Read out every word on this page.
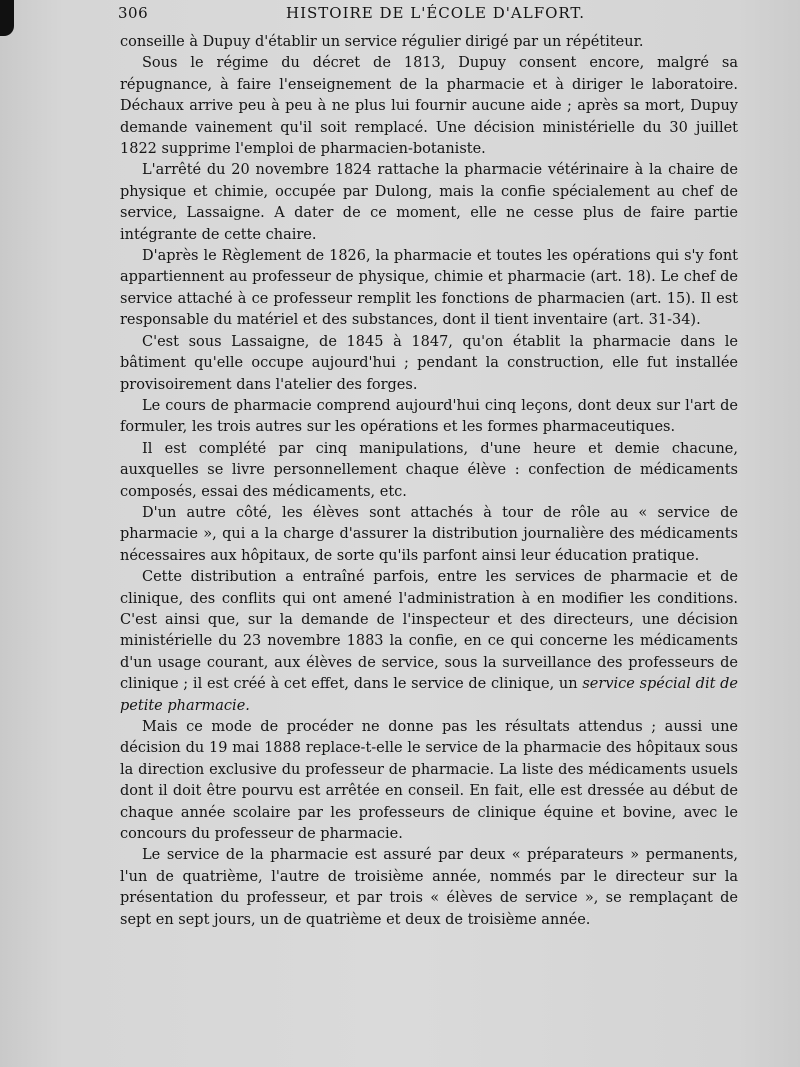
306	HISTOIRE DE L'ÉCOLE D'ALFORT.

conseille à Dupuy d'établir un service régulier dirigé par un répétiteur.

Sous le régime du décret de 1813, Dupuy consent encore, malgré sa répugnance, à faire l'enseignement de la pharmacie et à diriger le laboratoire. Déchaux arrive peu à peu à ne plus lui fournir aucune aide ; après sa mort, Dupuy demande vainement qu'il soit remplacé. Une décision ministérielle du 30 juillet 1822 supprime l'emploi de pharmacien-botaniste.

L'arrêté du 20 novembre 1824 rattache la pharmacie vétérinaire à la chaire de physique et chimie, occupée par Dulong, mais la confie spécialement au chef de service, Lassaigne. A dater de ce moment, elle ne cesse plus de faire partie intégrante de cette chaire.

D'après le Règlement de 1826, la pharmacie et toutes les opérations qui s'y font appartiennent au professeur de physique, chimie et pharmacie (art. 18). Le chef de service attaché à ce professeur remplit les fonctions de pharmacien (art. 15). Il est responsable du matériel et des substances, dont il tient inventaire (art. 31-34).

C'est sous Lassaigne, de 1845 à 1847, qu'on établit la pharmacie dans le bâtiment qu'elle occupe aujourd'hui ; pendant la construction, elle fut installée provisoirement dans l'atelier des forges.

Le cours de pharmacie comprend aujourd'hui cinq leçons, dont deux sur l'art de formuler, les trois autres sur les opérations et les formes pharmaceutiques.

Il est complété par cinq manipulations, d'une heure et demie chacune, auxquelles se livre personnellement chaque élève : confection de médicaments composés, essai des médicaments, etc.

D'un autre côté, les élèves sont attachés à tour de rôle au « service de pharmacie », qui a la charge d'assurer la distribution journalière des médicaments nécessaires aux hôpitaux, de sorte qu'ils parfont ainsi leur éducation pratique.

Cette distribution a entraîné parfois, entre les services de pharmacie et de clinique, des conflits qui ont amené l'administration à en modifier les conditions. C'est ainsi que, sur la demande de l'inspecteur et des directeurs, une décision ministérielle du 23 novembre 1883 la confie, en ce qui concerne les médicaments d'un usage courant, aux élèves de service, sous la surveillance des professeurs de clinique ; il est créé à cet effet, dans le service de clinique, un service spécial dit de petite pharmacie.

Mais ce mode de procéder ne donne pas les résultats attendus ; aussi une décision du 19 mai 1888 replace-t-elle le service de la pharmacie des hôpitaux sous la direction exclusive du professeur de pharmacie. La liste des médicaments usuels dont il doit être pourvu est arrêtée en conseil. En fait, elle est dressée au début de chaque année scolaire par les professeurs de clinique équine et bovine, avec le concours du professeur de pharmacie.

Le service de la pharmacie est assuré par deux « préparateurs » permanents, l'un de quatrième, l'autre de troisième année, nommés par le directeur sur la présentation du professeur, et par trois « élèves de service », se remplaçant de sept en sept jours, un de quatrième et deux de troisième année.
